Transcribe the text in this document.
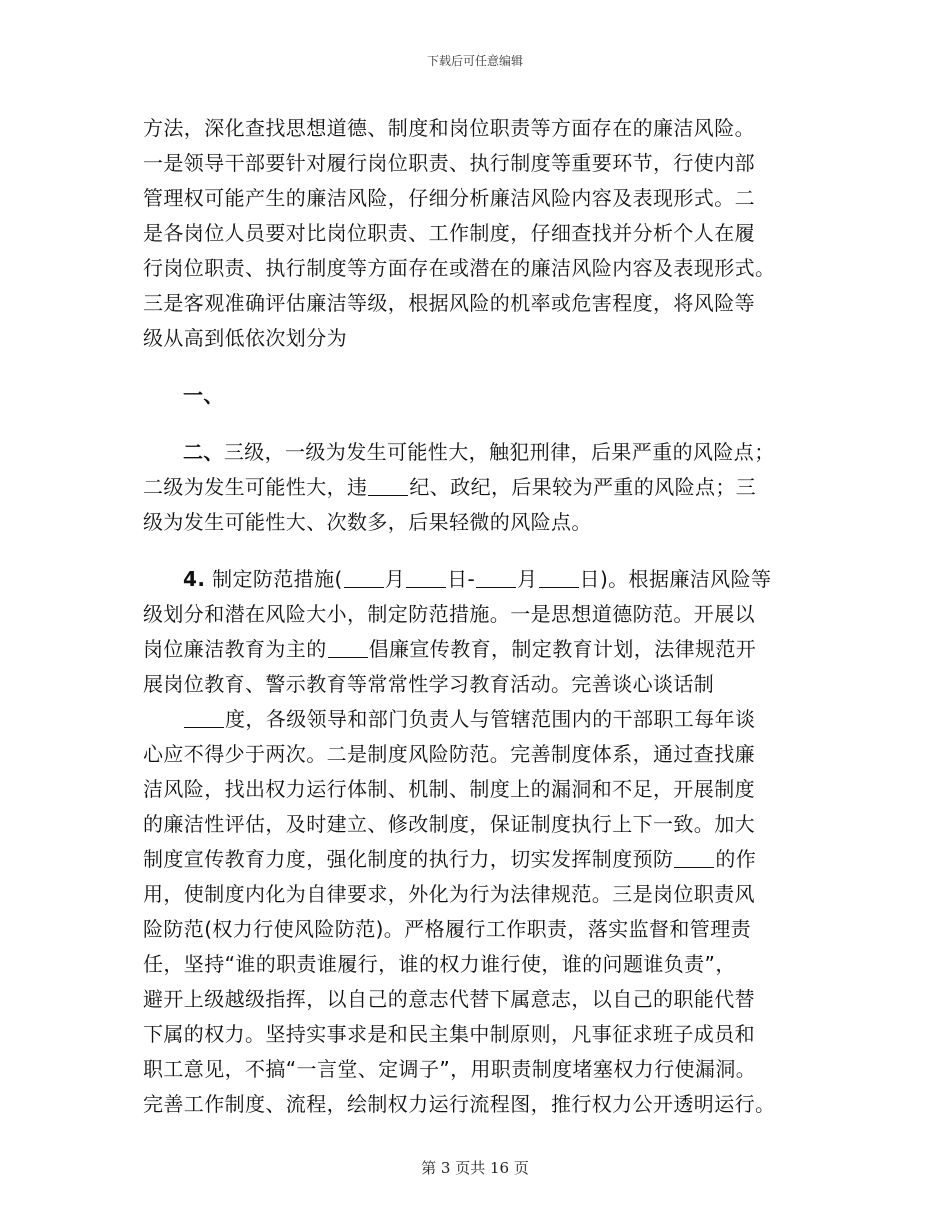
下载后可任意编辑
方法，深化查找思想道德、制度和岗位职责等方面存在的廉洁风险。
一是领导干部要针对履行岗位职责、执行制度等重要环节，行使内部
管理权可能产生的廉洁风险，仔细分析廉洁风险内容及表现形式。二
是各岗位人员要对比岗位职责、工作制度，仔细查找并分析个人在履
行岗位职责、执行制度等方面存在或潜在的廉洁风险内容及表现形式。
三是客观准确评估廉洁等级，根据风险的机率或危害程度，将风险等
级从高到低依次划分为
一、
二、三级，一级为发生可能性大，触犯刑律，后果严重的风险点；
二级为发生可能性大，违 纪、政纪，后果较为严重的风险点；三
级为发生可能性大、次数多，后果轻微的风险点。
4. 制定防范措施( 月 日- 月 日)。根据廉洁风险等
级划分和潜在风险大小，制定防范措施。一是思想道德防范。开展以
岗位廉洁教育为主的 倡廉宣传教育，制定教育计划，法律规范开
展岗位教育、警示教育等常常性学习教育活动。完善谈心谈话制
度，各级领导和部门负责人与管辖范围内的干部职工每年谈
心应不得少于两次。二是制度风险防范。完善制度体系，通过查找廉
洁风险，找出权力运行体制、机制、制度上的漏洞和不足，开展制度
的廉洁性评估，及时建立、修改制度，保证制度执行上下一致。加大
制度宣传教育力度，强化制度的执行力，切实发挥制度预防 的作
用，使制度内化为自律要求，外化为行为法律规范。三是岗位职责风
险防范(权力行使风险防范)。严格履行工作职责，落实监督和管理责
任，坚持“谁的职责谁履行，谁的权力谁行使，谁的问题谁负责”，
避开上级越级指挥，以自己的意志代替下属意志，以自己的职能代替
下属的权力。坚持实事求是和民主集中制原则，凡事征求班子成员和
职工意见，不搞“一言堂、定调子”，用职责制度堵塞权力行使漏洞。
完善工作制度、流程，绘制权力运行流程图，推行权力公开透明运行。
第 3 页共 16 页
